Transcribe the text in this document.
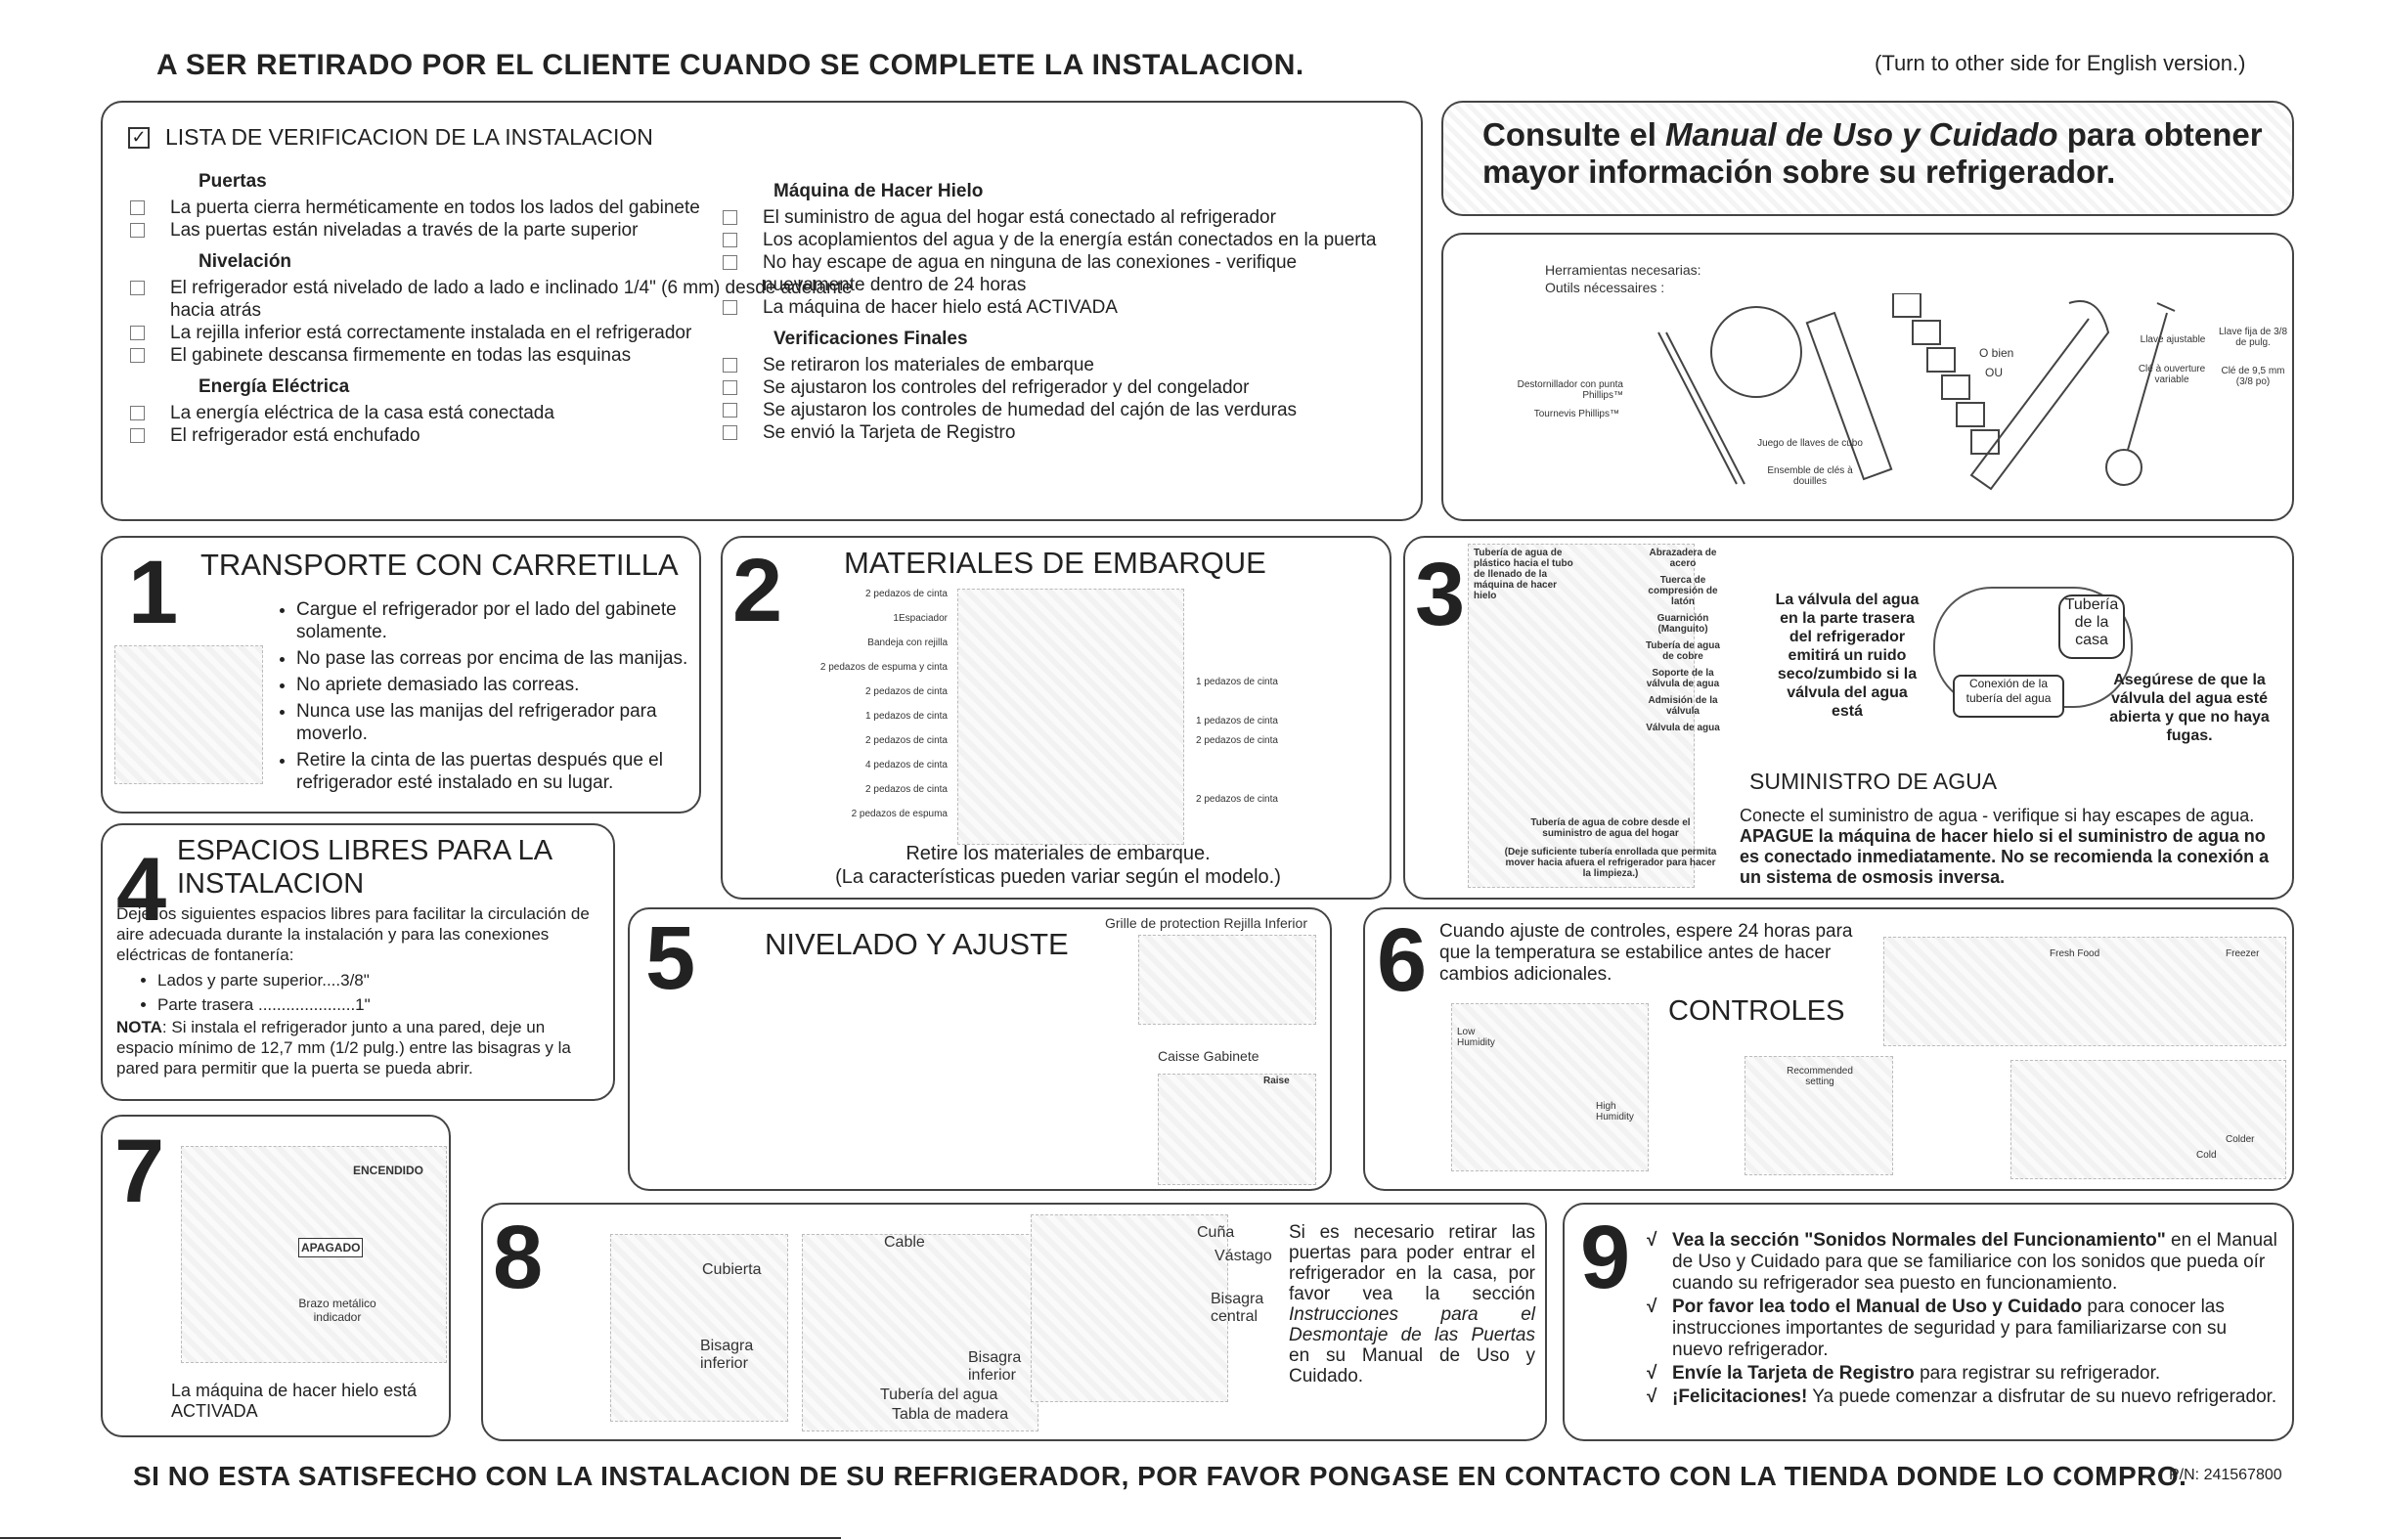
A SER RETIRADO POR EL CLIENTE CUANDO SE COMPLETE LA INSTALACION.	(Turn to other side for English version.)
✓ LISTA DE VERIFICACION DE LA INSTALACION
Puertas
La puerta cierra herméticamente en todos los lados del gabinete
Las puertas están niveladas a través de la parte superior
Nivelación
El refrigerador está nivelado de lado a lado e inclinado 1/4" (6 mm) desde adelante hacia atrás
La rejilla inferior está correctamente instalada en el refrigerador
El gabinete descansa firmemente en todas las esquinas
Energía Eléctrica
La energía eléctrica de la casa está conectada
El refrigerador está enchufado
Máquina de Hacer Hielo
El suministro de agua del hogar está conectado al refrigerador
Los acoplamientos del agua y de la energía están conectados en la puerta
No hay escape de agua en ninguna de las conexiones - verifique nuevamente dentro de 24 horas
La máquina de hacer hielo está ACTIVADA
Verificaciones Finales
Se retiraron los materiales de embarque
Se ajustaron los controles del refrigerador y del congelador
Se ajustaron los controles de humedad del cajón de las verduras
Se envió la Tarjeta de Registro
Consulte el Manual de Uso y Cuidado para obtener mayor información sobre su refrigerador.
Herramientas necesarias:
Outils nécessaires :
Destornillador con punta Phillips™
Tournevis Phillips™
Juego de llaves de cubo
Ensemble de clés à douilles
O bien
OU
Llave ajustable
Clé à ouverture variable
Llave fija de 3/8 de pulg.
Clé de 9,5 mm (3/8 po)
1 TRANSPORTE CON CARRETILLA
• Cargue el refrigerador por el lado del gabinete solamente.
• No pase las correas por encima de las manijas.
• No apriete demasiado las correas.
• Nunca use las manijas del refrigerador para moverlo.
• Retire la cinta de las puertas después que el refrigerador esté instalado en su lugar.
2 MATERIALES DE EMBARQUE
2 pedazos de cinta
1Espaciador
Bandeja con rejilla
2 pedazos de espuma y cinta
2 pedazos de cinta
1 pedazos de cinta
2 pedazos de cinta
4 pedazos de cinta
2 pedazos de cinta
2 pedazos de espuma
1 pedazos de cinta
1 pedazos de cinta
2 pedazos de cinta
2 pedazos de cinta
Retire los materiales de embarque.
(La características pueden variar según el modelo.)
3 Tubería de agua de plástico hacia el tubo de llenado de la máquina de hacer hielo
Abrazadera de acero
Tuerca de compresión de latón
Guarnición (Manguito)
Tubería de agua de cobre
Soporte de la válvula de agua
Admisión de la válvula
Válvula de agua
Tubería de agua de cobre desde el suministro de agua del hogar
(Deje suficiente tubería enrollada que permita mover hacia afuera el refrigerador para hacer la limpieza.)
La válvula del agua en la parte trasera del refrigerador emitirá un ruido seco/zumbido si la válvula del agua está
Tubería de la casa
Conexión de la tubería del agua
Asegúrese de que la válvula del agua esté abierta y que no haya fugas.
SUMINISTRO DE AGUA
Conecte el suministro de agua - verifique si hay escapes de agua. APAGUE la máquina de hacer hielo si el suministro de agua no es conectado inmediatamente. No se recomienda la conexión a un sistema de osmosis inversa.
4 ESPACIOS LIBRES PARA LA
INSTALACION
Deje los siguientes espacios libres para facilitar la circulación de aire adecuada durante la instalación y para las conexiones eléctricas de fontanería:
• Lados y parte superior....3/8"
• Parte trasera .....................1"
NOTA: Si instala el refrigerador junto a una pared, deje un espacio mínimo de 12,7 mm (1/2 pulg.) entre las bisagras y la pared para permitir que la puerta se pueda abrir.
5 NIVELADO Y AJUSTE
Grille de protection Rejilla Inferior
Caisse Gabinete
Raise
6 Cuando ajuste de controles, espere 24 horas para que la temperatura se estabilice antes de hacer cambios adicionales.
CONTROLES
Low Humidity
High Humidity
Fresh Food	Freezer
Recommended setting
Colder
Cold
7	ENCENDIDO
APAGADO
Brazo metálico indicador
La máquina de hacer hielo está ACTIVADA
8	Cubierta
Bisagra inferior
Cable
Bisagra inferior
Tubería del agua
Tabla de madera
Cuña
Vástago
Bisagra central
Si es necesario retirar las puertas para poder entrar el refrigerador en la casa, por favor vea la sección Instrucciones para el Desmontaje de las Puertas en su Manual de Uso y Cuidado.
9 √ Vea la sección "Sonidos Normales del Funcionamiento" en el Manual de Uso y Cuidado para que se familiarice con los sonidos que pueda oír cuando su refrigerador sea puesto en funcionamiento.
√ Por favor lea todo el Manual de Uso y Cuidado para conocer las instrucciones importantes de seguridad y para familiarizarse con su nuevo refrigerador.
√ Envíe la Tarjeta de Registro para registrar su refrigerador.
√ ¡Felicitaciones! Ya puede comenzar a disfrutar de su nuevo refrigerador.
SI NO ESTA SATISFECHO CON LA INSTALACION DE SU REFRIGERADOR, POR FAVOR PONGASE EN CONTACTO CON LA TIENDA DONDE LO COMPRO.
P/N: 241567800
